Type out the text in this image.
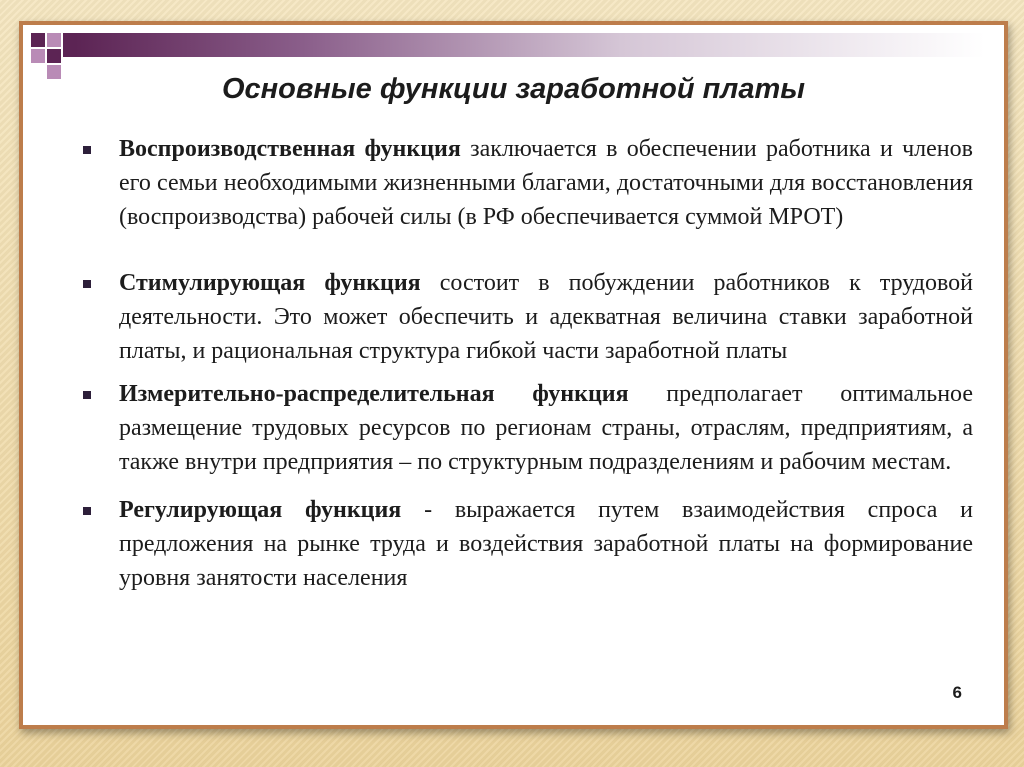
Основные функции заработной платы
Воспроизводственная функция заключается в обеспечении работника и членов его семьи необходимыми жизненными благами, достаточными для восстановления (воспроизводства) рабочей силы (в РФ обеспечивается суммой МРОТ)
Стимулирующая функция состоит в побуждении работников к трудовой деятельности. Это может обеспечить и адекватная величина ставки заработной платы, и рациональная структура гибкой части заработной платы
Измерительно-распределительная функция предполагает оптимальное размещение трудовых ресурсов по регионам страны, отраслям, предприятиям, а также внутри предприятия – по структурным подразделениям и рабочим местам.
Регулирующая функция - выражается путем взаимодействия спроса и предложения на рынке труда и воздействия заработной платы на формирование уровня занятости населения
6
